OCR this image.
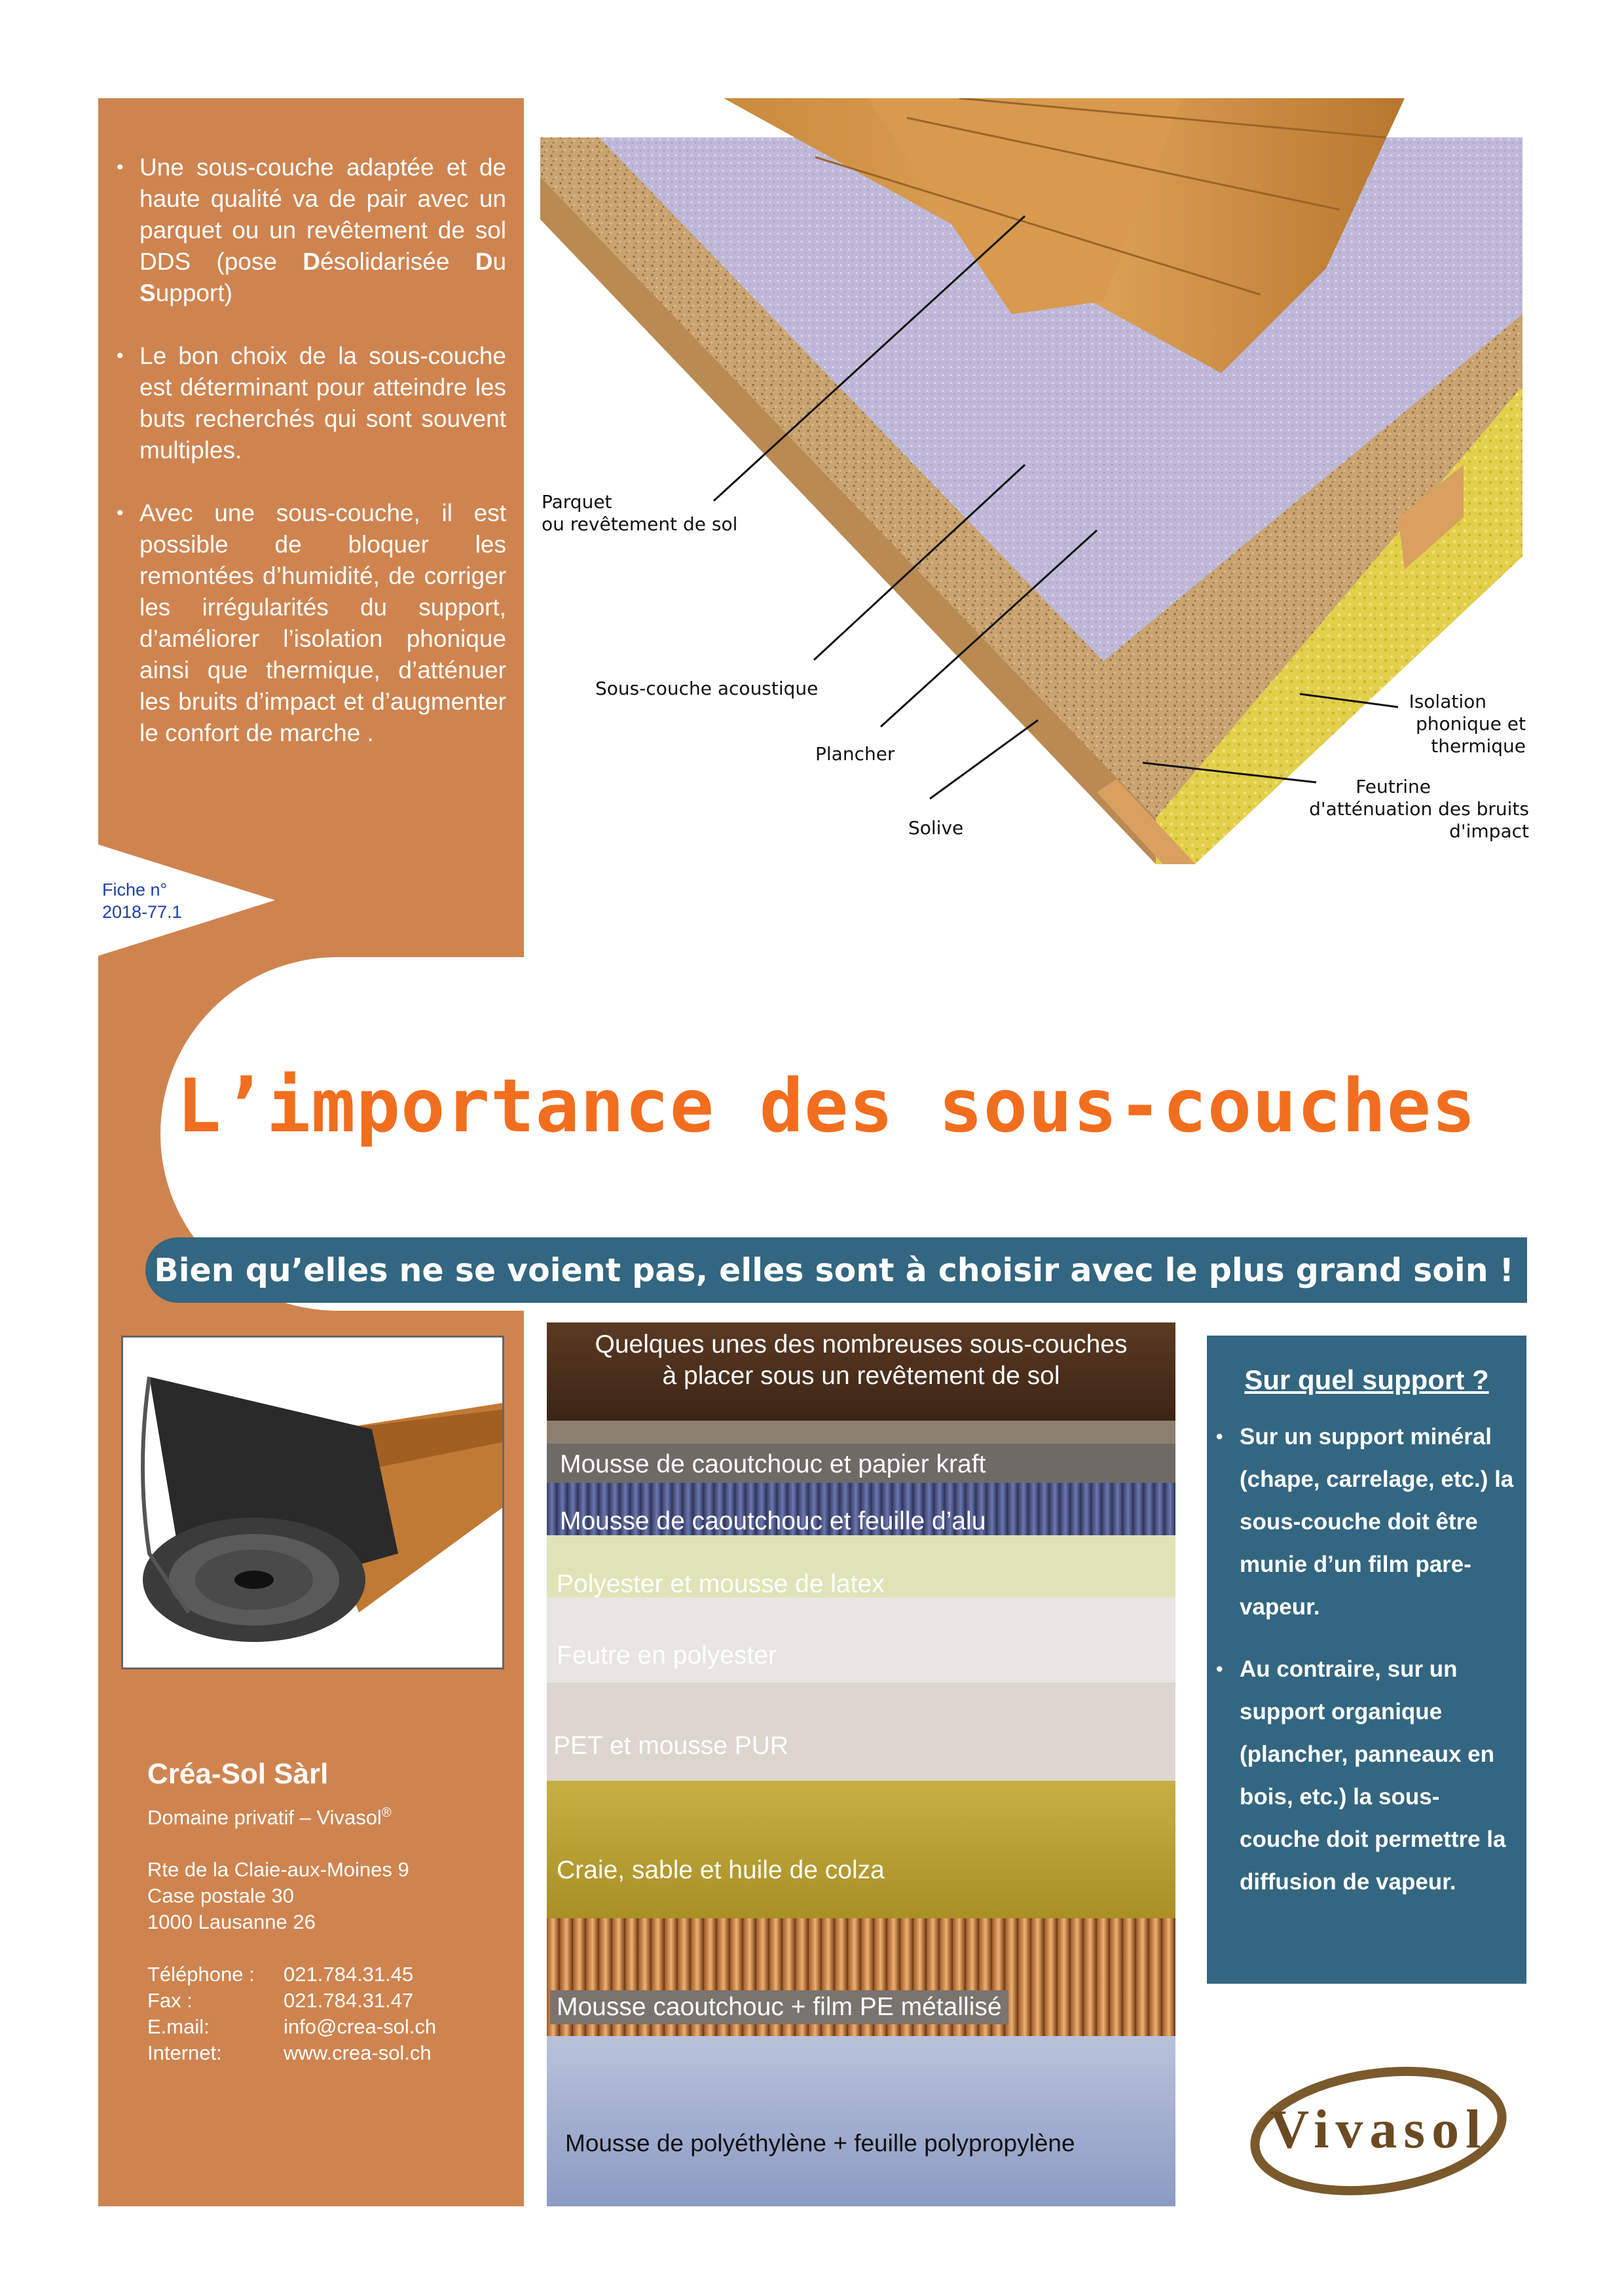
• Une sous-couche adaptée et de haute qualité va de pair avec un parquet ou un revêtement de sol DDS (pose Désolidarisée Du Support)
• Le bon choix de la sous-couche est déterminant pour atteindre les buts recherchés qui sont souvent multiples.
• Avec une sous-couche, il est possible de bloquer les remontées d’humidité, de corriger les irrégularités du support, d’améliorer l’isolation phonique ainsi que thermique, d’atténuer les bruits d’impact et d’augmenter le confort de marche .
Fiche n°
2018-77.1
Parquet
ou revêtement de sol
Sous-couche acoustique
Plancher
Solive
Isolation
phonique et thermique
Feutrine
d'atténuation des bruits d'impact
L’importance des sous-couches
Bien qu’elles ne se voient pas, elles sont à choisir avec le plus grand soin !
Créa-Sol Sàrl
Domaine privatif – Vivasol®
Rte de la Claie-aux-Moines 9
Case postale 30
1000 Lausanne 26
Téléphone :	021.784.31.45
Fax :	021.784.31.47
E.mail:	info@crea-sol.ch
Internet:	www.crea-sol.ch
Quelques unes des nombreuses sous-couches
à placer sous un revêtement de sol
Mousse de caoutchouc et papier kraft
Mousse de caoutchouc et feuille d’alu
Polyester et mousse de latex
Feutre en polyester
PET et mousse PUR
Craie, sable et huile de colza
Mousse caoutchouc + film PE métallisé
Mousse de polyéthylène + feuille polypropylène
Sur quel support ?
• Sur un support minéral (chape, carrelage, etc.) la sous-couche doit être munie d’un film pare-vapeur.
• Au contraire, sur un support organique (plancher, panneaux en bois, etc.) la sous-couche doit permettre la diffusion de vapeur.
Vivasol
